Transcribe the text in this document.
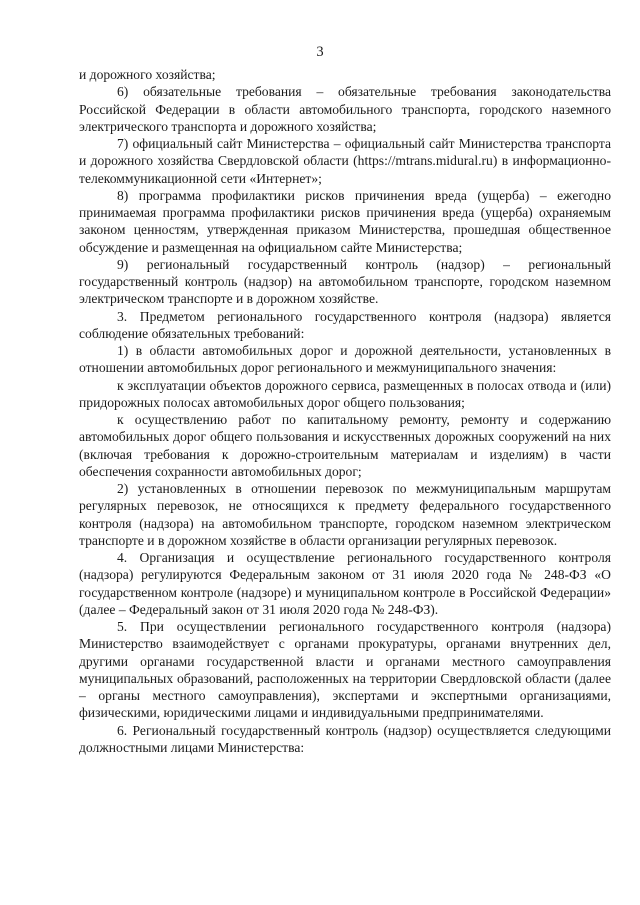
3

и дорожного хозяйства;

6) обязательные требования – обязательные требования законодательства Российской Федерации в области автомобильного транспорта, городского наземного электрического транспорта и дорожного хозяйства;

7) официальный сайт Министерства – официальный сайт Министерства транспорта и дорожного хозяйства Свердловской области (https://mtrans.midural.ru) в информационно-телекоммуникационной сети «Интернет»;

8) программа профилактики рисков причинения вреда (ущерба) – ежегодно принимаемая программа профилактики рисков причинения вреда (ущерба) охраняемым законом ценностям, утвержденная приказом Министерства, прошедшая общественное обсуждение и размещенная на официальном сайте Министерства;

9) региональный государственный контроль (надзор) – региональный государственный контроль (надзор) на автомобильном транспорте, городском наземном электрическом транспорте и в дорожном хозяйстве.

3. Предметом регионального государственного контроля (надзора) является соблюдение обязательных требований:

1) в области автомобильных дорог и дорожной деятельности, установленных в отношении автомобильных дорог регионального и межмуниципального значения:

к эксплуатации объектов дорожного сервиса, размещенных в полосах отвода и (или) придорожных полосах автомобильных дорог общего пользования;

к осуществлению работ по капитальному ремонту, ремонту и содержанию автомобильных дорог общего пользования и искусственных дорожных сооружений на них (включая требования к дорожно-строительным материалам и изделиям) в части обеспечения сохранности автомобильных дорог;

2) установленных в отношении перевозок по межмуниципальным маршрутам регулярных перевозок, не относящихся к предмету федерального государственного контроля (надзора) на автомобильном транспорте, городском наземном электрическом транспорте и в дорожном хозяйстве в области организации регулярных перевозок.

4. Организация и осуществление регионального государственного контроля (надзора) регулируются Федеральным законом от 31 июля 2020 года № 248-ФЗ «О государственном контроле (надзоре) и муниципальном контроле в Российской Федерации» (далее – Федеральный закон от 31 июля 2020 года № 248-ФЗ).

5. При осуществлении регионального государственного контроля (надзора) Министерство взаимодействует с органами прокуратуры, органами внутренних дел, другими органами государственной власти и органами местного самоуправления муниципальных образований, расположенных на территории Свердловской области (далее – органы местного самоуправления), экспертами и экспертными организациями, физическими, юридическими лицами и индивидуальными предпринимателями.

6. Региональный государственный контроль (надзор) осуществляется следующими должностными лицами Министерства:
